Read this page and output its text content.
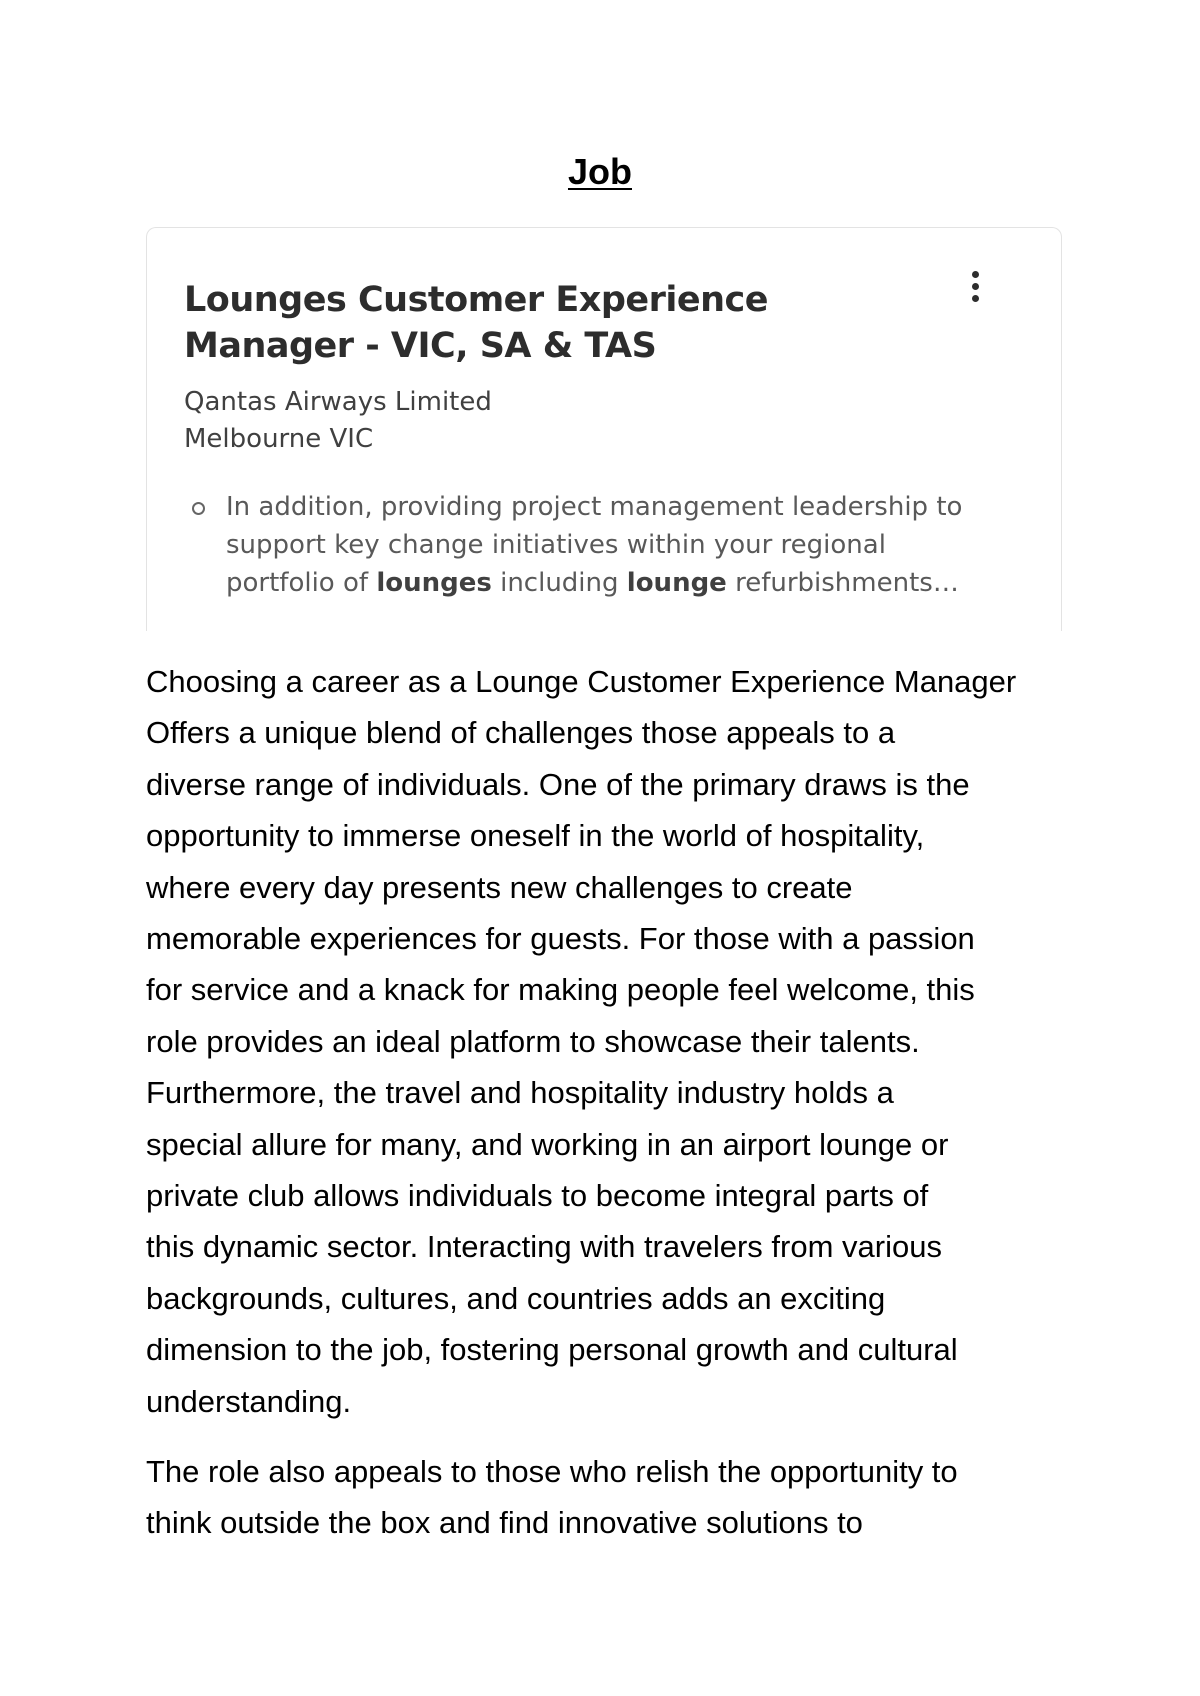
Job
Lounges Customer Experience
Manager - VIC, SA & TAS
Qantas Airways Limited
Melbourne VIC
In addition, providing project management leadership to
support key change initiatives within your regional
portfolio of lounges including lounge refurbishments…
Choosing a career as a Lounge Customer Experience Manager
Offers a unique blend of challenges those appeals to a
diverse range of individuals. One of the primary draws is the
opportunity to immerse oneself in the world of hospitality,
where every day presents new challenges to create
memorable experiences for guests. For those with a passion
for service and a knack for making people feel welcome, this
role provides an ideal platform to showcase their talents.
Furthermore, the travel and hospitality industry holds a
special allure for many, and working in an airport lounge or
private club allows individuals to become integral parts of
this dynamic sector. Interacting with travelers from various
backgrounds, cultures, and countries adds an exciting
dimension to the job, fostering personal growth and cultural
understanding.
The role also appeals to those who relish the opportunity to
think outside the box and find innovative solutions to
